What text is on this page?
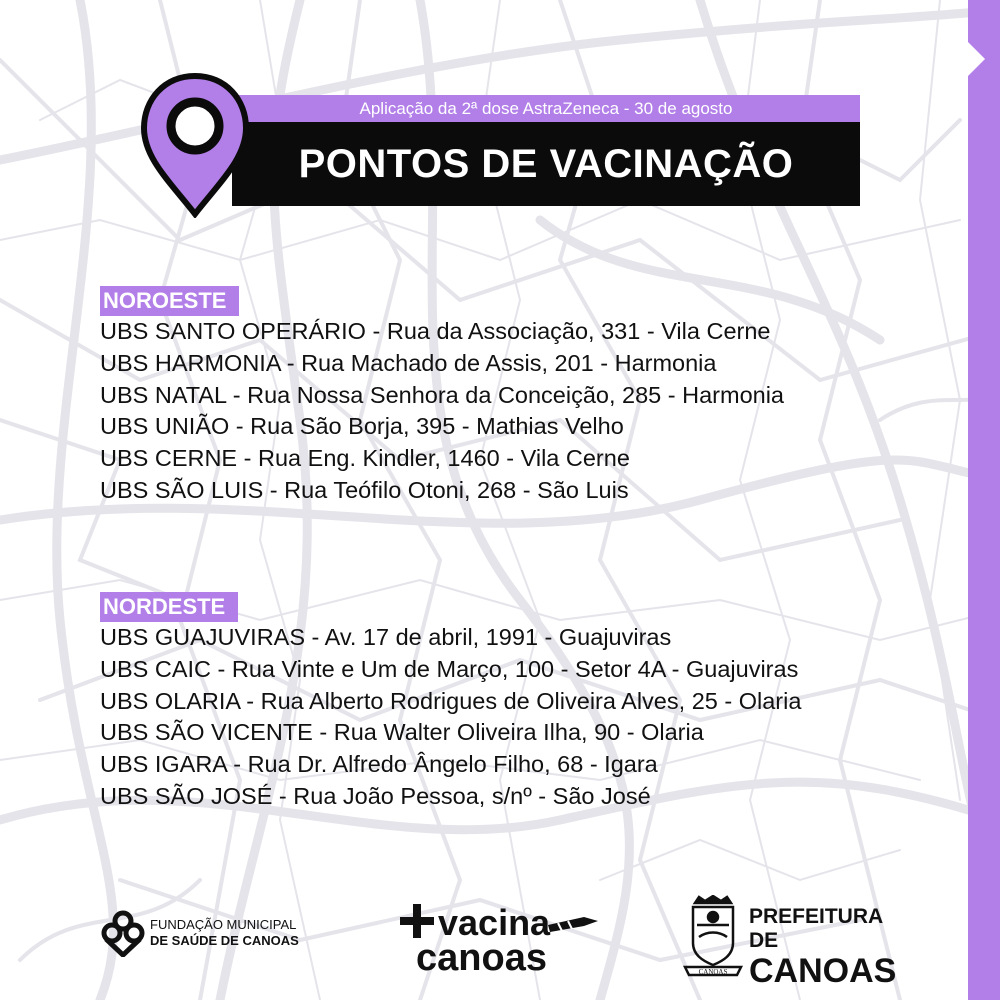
Aplicação da 2ª dose AstraZeneca - 30 de agosto
PONTOS DE VACINAÇÃO
NOROESTE
UBS SANTO OPERÁRIO - Rua da Associação, 331 - Vila Cerne
UBS HARMONIA - Rua Machado de Assis, 201 - Harmonia
UBS NATAL - Rua Nossa Senhora da Conceição, 285 - Harmonia
UBS UNIÃO - Rua São Borja, 395 - Mathias Velho
UBS CERNE - Rua Eng. Kindler, 1460 - Vila Cerne
UBS SÃO LUIS - Rua Teófilo Otoni, 268 - São Luis
NORDESTE
UBS GUAJUVIRAS - Av. 17 de abril, 1991 - Guajuviras
UBS CAIC - Rua Vinte e Um de Março, 100 - Setor 4A - Guajuviras
UBS OLARIA - Rua Alberto Rodrigues de Oliveira Alves, 25 - Olaria
UBS SÃO VICENTE - Rua Walter Oliveira Ilha, 90 - Olaria
UBS IGARA - Rua Dr. Alfredo Ângelo Filho, 68 - Igara
UBS SÃO JOSÉ - Rua João Pessoa, s/nº - São José
FUNDAÇÃO MUNICIPAL
DE SAÚDE DE CANOAS	vacina
canoas	CANOAS
PREFEITURA DE
CANOAS
